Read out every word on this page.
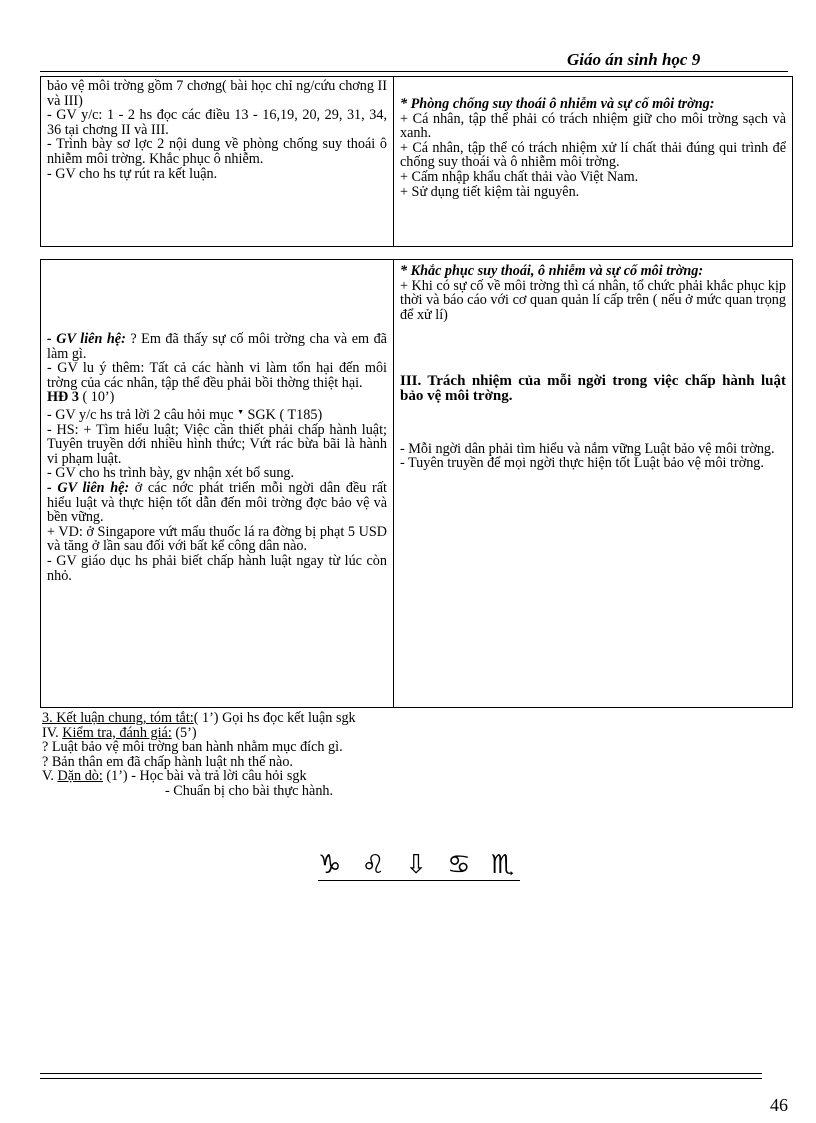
Giáo án sinh học 9

bảo vệ môi trờng gồm 7 chơng( bài học chỉ ng/cứu chơng II và III)

- GV y/c: 1 - 2 hs đọc các điều 13 - 16,19, 20, 29, 31, 34, 36 tại chơng II và III.

- Trình bày sơ lợc 2 nội dung về phòng chống suy thoái ô nhiễm môi trờng. Khắc phục ô nhiễm.

- GV cho hs tự rút ra kết luận.

* Phòng chống suy thoái ô nhiễm và sự cố môi trờng:

+ Cá nhân, tập thể phải có trách nhiệm giữ cho môi trờng sạch và xanh.

+ Cá nhân, tập thể có trách nhiệm xử lí chất thải đúng qui trình để chống suy thoái và ô nhiễm môi trờng.

+ Cấm nhập khẩu chất thải vào Việt Nam.

+ Sử dụng tiết kiệm tài nguyên.

- GV liên hệ: ? Em đã thấy sự cố môi trờng cha và em đã làm gì.

- GV lu ý thêm: Tất cả các hành vi làm tổn hại đến môi trờng của các nhân, tập thể đều phải bồi thờng thiệt hại.

HĐ 3 ( 10’)

- GV y/c hs trả lời 2 câu hỏi mục ▼ SGK ( T185)

- HS: + Tìm hiểu luật; Việc cần thiết phải chấp hành luật; Tuyên truyền dới nhiều hình thức; Vứt rác bừa bãi là hành vi phạm luật.

- GV cho hs trình bày, gv nhận xét bổ sung.

- GV liên hệ: ở các nớc phát triển mỗi ngời dân đều rất hiểu luật và thực hiện tốt dẫn đến môi trờng đợc bảo vệ và bền vững.

+ VD: ở Singapore vứt mẩu thuốc lá ra đờng bị phạt 5 USD và tăng ở lần sau đối với bất kể công dân nào.

- GV giáo dục hs phải biết chấp hành luật ngay từ lúc còn nhỏ.

* Khắc phục suy thoái, ô nhiễm và sự cố môi trờng:

+ Khi có sự cố về môi trờng thì cá nhân, tổ chức phải khắc phục kịp thời và báo cáo với cơ quan quản lí cấp trên ( nếu ở mức quan trọng để xử lí)

III. Trách nhiệm của mỗi ngời trong việc chấp hành luật bảo vệ môi trờng.

- Mỗi ngời dân phải tìm hiểu và nắm vững Luật bảo vệ môi trờng.

- Tuyên truyền để mọi ngời thực hiện tốt Luật bảo vệ môi trờng.

3. Kết luận chung, tóm tắt:( 1’) Gọi hs đọc kết luận sgk

IV. Kiểm tra, đánh giá: (5’)

? Luật bảo vệ môi trờng ban hành nhằm mục đích gì.

? Bản thân em đã chấp hành luật nh thế nào.

V. Dặn dò: (1’) - Học bài và trả lời câu hỏi sgk

- Chuẩn bị cho bài thực hành.

♑ ♌ ⇩ ♋ ♏
46
